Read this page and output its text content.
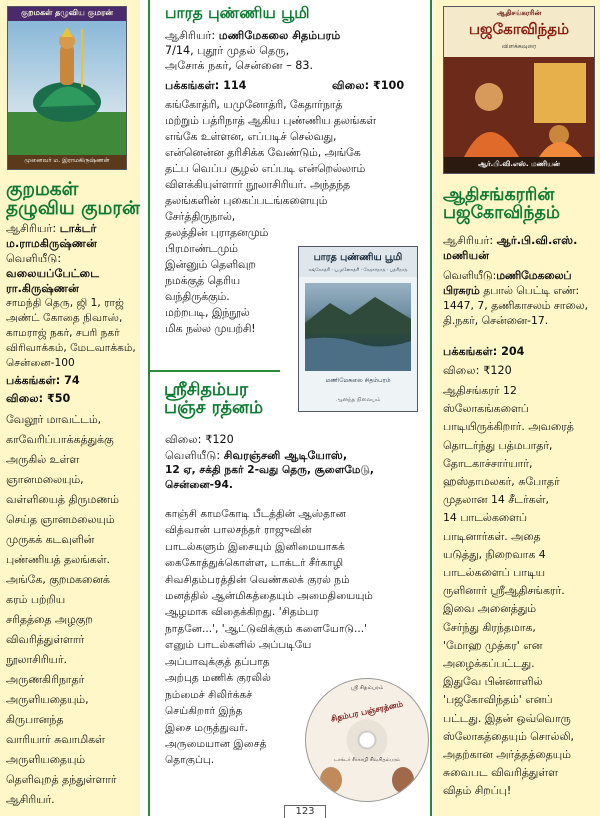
குறமகள் தழுவிய குமரன்
முனைவர் ம. இராமகிருஷ்ணன்
குறமகள்
தழுவிய குமரன்
ஆசிரியர்: டாக்டர் ம.ராமகிருஷ்ணன்
வெளியீடு:
வலையப்பேட்டை
ரா.கிருஷ்ணன்
சாமந்தி தெரு, ஜி 1, ராஜ்
அண்ட் கோதை நிவாஸ்,
காமராஜ் நகர், சபரி நகர்
விரிவாக்கம், மேடவாக்கம்,
சென்னை-100
பக்கங்கள்: 74
விலை: ₹50
வேலூர் மாவட்டம்,
காவேரிப்பாக்கத்துக்கு
அருகில் உள்ள
ஞானமலையும்,
வள்ளியைத் திருமணம்
செய்த ஞானமலையும்
முருகக் கடவுளின்
புண்ணியத் தலங்கள்.
அங்கே, குறமகனைக்
கரம் பற்றிய
சரிதத்தை அழகுற
விவரித்துள்ளார்
நூலாசிரியர்.
அருணகிரிநாதர்
அருளியதையும்,
கிருபானந்த
வாரியார் சுவாமிகள்
அருளியதையும்
தெளிவுறத் தந்துள்ளார்
ஆசிரியர்.
பாரத புண்ணிய பூமி
ஆசிரியர்: மணிமேகலை சிதம்பரம்
7/14, புதூர் முதல் தெரு,
அசோக் நகர், சென்னை – 83.
பக்கங்கள்: 114	விலை: ₹100
கங்கோத்ரி, யமுனோத்ரி, கேதார்நாத்
மற்றும் பத்ரிநாத் ஆகிய புண்ணிய தலங்கள்
எங்கே உள்ளன, எப்படிச் செல்வது,
என்னென்ன தரிசிக்க வேண்டும், அங்கே
தட்ப வெப்ப சூழல் எப்படி என்றெல்லாம்
விளக்கியுள்ளார் நூலாசிரியர். அந்தந்த
தலங்களின் புகைப்படங்களையும்
சேர்த்திருநால்,
தலத்தின் புராதனமும்
பிரமாண்டமும்
இன்னும் தெளிவுற
நமக்குத் தெரிய
வந்திருக்கும்.
மற்றபடி, இந்நூல்
மிக நல்ல முயற்சி!
பாரத புண்ணிய பூமி
கங்கோத்ரி · யமுனோத்ரி · கேதார்நாத் · பத்ரிநாத்
மணிமேகலை சிதம்பரம்
ஆனந்த நிலையம்
ஸ்ரீசிதம்பர
பஞ்ச ரத்னம்
விலை: ₹120
வெளியீடு: சிவரஞ்சனி ஆடியோஸ்,
12 ஏ, சக்தி நகர் 2-வது தெரு, சூளைமேடு,
சென்னை-94.
காஞ்சி காமகோடி பீடத்தின் ஆஸ்தான
வித்வான் பாலசந்தர் ராஜுவின்
பாடல்களும் இசையும் இனிமையாகக்
கைகோத்துக்கொள்ள, டாக்டர் சீர்காழி
சிவசிதம்பரத்தின் வெண்கலக் குரல் நம்
மனத்தில் ஆன்மிகத்தையும் அமைதியையும்
ஆழமாக விதைக்கிறது. 'சிதம்பர
நாதனே...', 'ஆட்டுவிக்கும் களையோடு...'
எனும் பாடல்களில் அப்படியே
அப்பாவுக்குத் தப்பாத
அற்புத மணிக் குரலில்
நம்மைச் சிலிர்க்கச்
செய்கிறார் இந்த
இசை மருத்துவர்.
அருமையான இசைத்
தொகுப்பு.
ஸ்ரீ சிதம்பரம்
சிதம்பர பஞ்சரத்னம்
டாக்டர் சீர்காழி சிவசிதம்பரம்
123
ஆதிசங்கரரின்
பஜகோவிந்தம்
விளக்கவுரை
ஆர்.பி.வி.எஸ். மணியன்
ஆதிசங்கரரின்
பஜகோவிந்தம்
ஆசிரியர்: ஆர்.பி.வி.எஸ். மணியன்
வெளியீடு:மணிமேகலைப் பிரசுரம் தபால் பெட்டி எண்: 1447, 7, தணிகாசலம் சாலை, தி.நகர், சென்னை-17.
பக்கங்கள்: 204
விலை: ₹120
ஆதிசங்கரர் 12
ஸ்லோகங்களைப்
பாடியிருக்கிறார். அவரைத்
தொடர்ந்து பத்மபாதர்,
தோடகாச்சார்யார்,
ஹஸ்தாமலகர், சுபோதர்
முதலான 14 சீடர்கள்,
14 பாடல்களைப்
பாடினார்கள். அதை
யடுத்து, நிறைவாக 4
பாடல்களைப் பாடிய
ருளினார் ஸ்ரீஆதிசங்கரர்.
இவை அனைத்தும்
சேர்ந்து கிரந்தமாக,
'மோஹ முத்கர' என
அழைக்கப்பட்டது.
இதுவே பின்னாளில்
'பஜகோவிந்தம்' எனப்
பட்டது. இதன் ஒவ்வொரு
ஸ்லோகத்தையும் சொல்லி,
அதற்கான அர்த்தத்தையும்
சுவைபட விவரித்துள்ள
விதம் சிறப்பு!
